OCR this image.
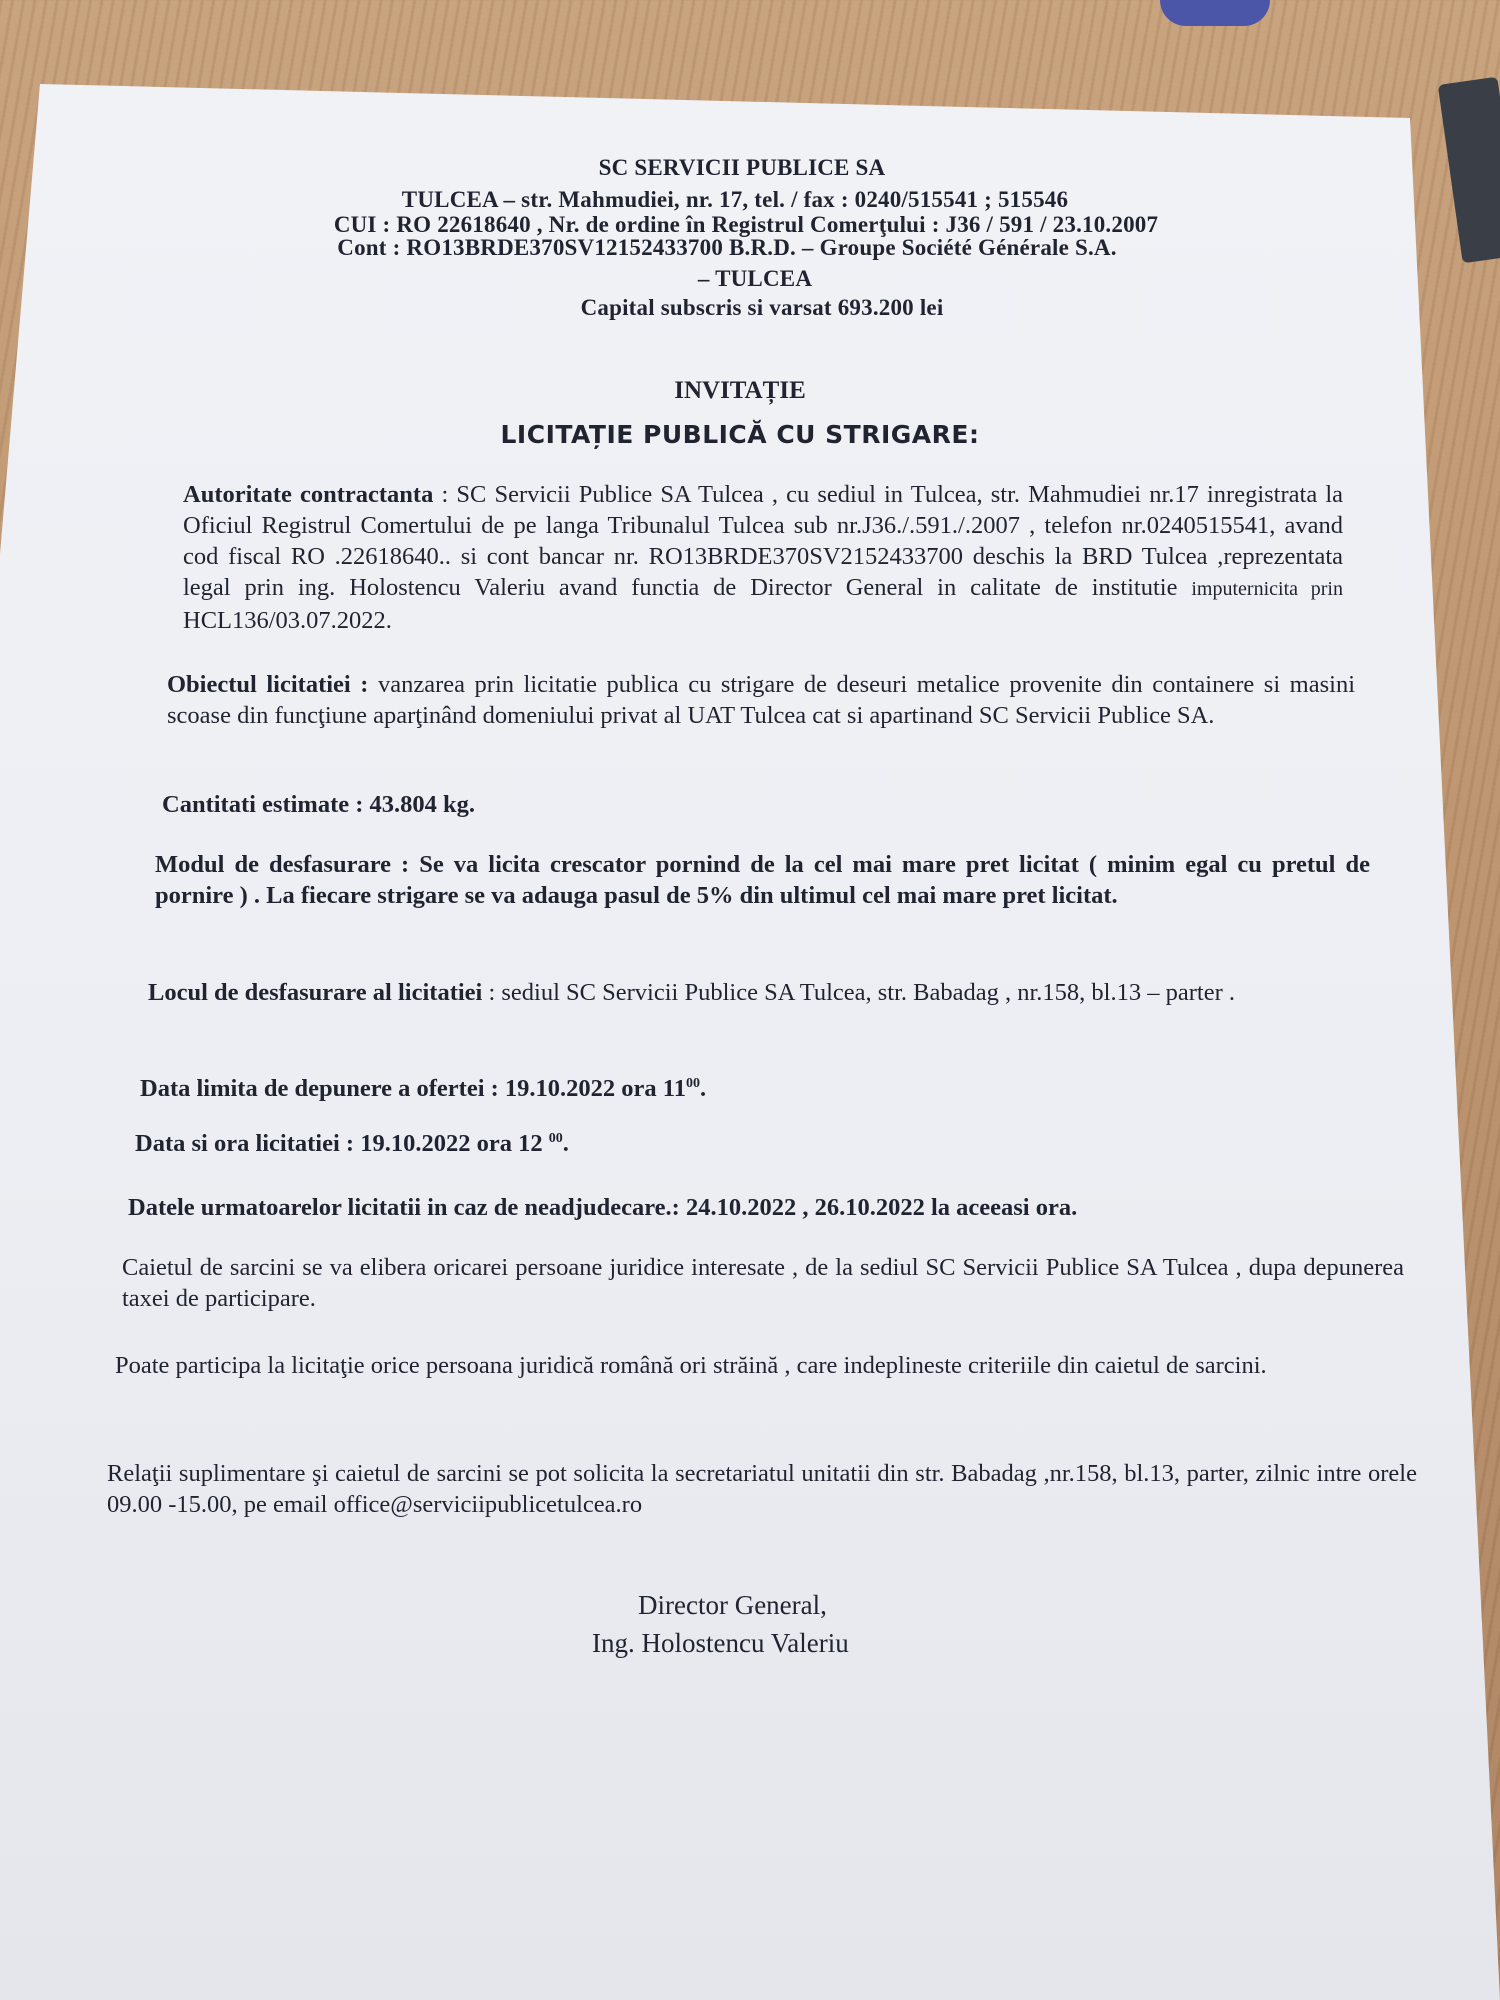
SC SERVICII PUBLICE SA
TULCEA – str. Mahmudiei, nr. 17, tel. / fax : 0240/515541 ; 515546
CUI : RO 22618640 , Nr. de ordine în Registrul Comerţului : J36 / 591 / 23.10.2007
Cont : RO13BRDE370SV12152433700 B.R.D. – Groupe Société Générale S.A.
– TULCEA
Capital subscris si varsat 693.200 lei
INVITAȚIE
LICITAȚIE PUBLICĂ CU STRIGARE:
Autoritate contractanta : SC Servicii Publice SA Tulcea , cu sediul in Tulcea, str. Mahmudiei nr.17 inregistrata la Oficiul Registrul Comertului de pe langa Tribunalul Tulcea sub nr.J36./.591./.2007 , telefon nr.0240515541, avand cod fiscal RO .22618640.. si cont bancar nr. RO13BRDE370SV2152433700 deschis la BRD Tulcea ,reprezentata legal prin ing. Holostencu Valeriu avand functia de Director General in calitate de institutie imputernicita prin HCL136/03.07.2022.
Obiectul licitatiei : vanzarea prin licitatie publica cu strigare de deseuri metalice provenite din containere si masini scoase din funcţiune aparţinând domeniului privat al UAT Tulcea cat si apartinand SC Servicii Publice SA.
Cantitati estimate : 43.804 kg.
Modul de desfasurare : Se va licita crescator pornind de la cel mai mare pret licitat ( minim egal cu pretul de pornire ) . La fiecare strigare se va adauga pasul de 5% din ultimul cel mai mare pret licitat.
Locul de desfasurare al licitatiei : sediul SC Servicii Publice SA Tulcea, str. Babadag , nr.158, bl.13 – parter .
Data limita de depunere a ofertei : 19.10.2022 ora $11^{00}$.
Data si ora licitatiei : 19.10.2022 ora 12 $^{00}$.
Datele urmatoarelor licitatii in caz de neadjudecare.: 24.10.2022 , 26.10.2022 la aceeasi ora.
Caietul de sarcini se va elibera oricarei persoane juridice interesate , de la sediul SC Servicii Publice SA Tulcea , dupa depunerea taxei de participare.
Poate participa la licitaţie orice persoana juridică română ori străină , care indeplineste criteriile din caietul de sarcini.
Relaţii suplimentare şi caietul de sarcini se pot solicita la secretariatul unitatii din str. Babadag ,nr.158, bl.13, parter, zilnic intre orele 09.00 -15.00, pe email office@serviciipublicetulcea.ro
Director General,
Ing. Holostencu Valeriu
